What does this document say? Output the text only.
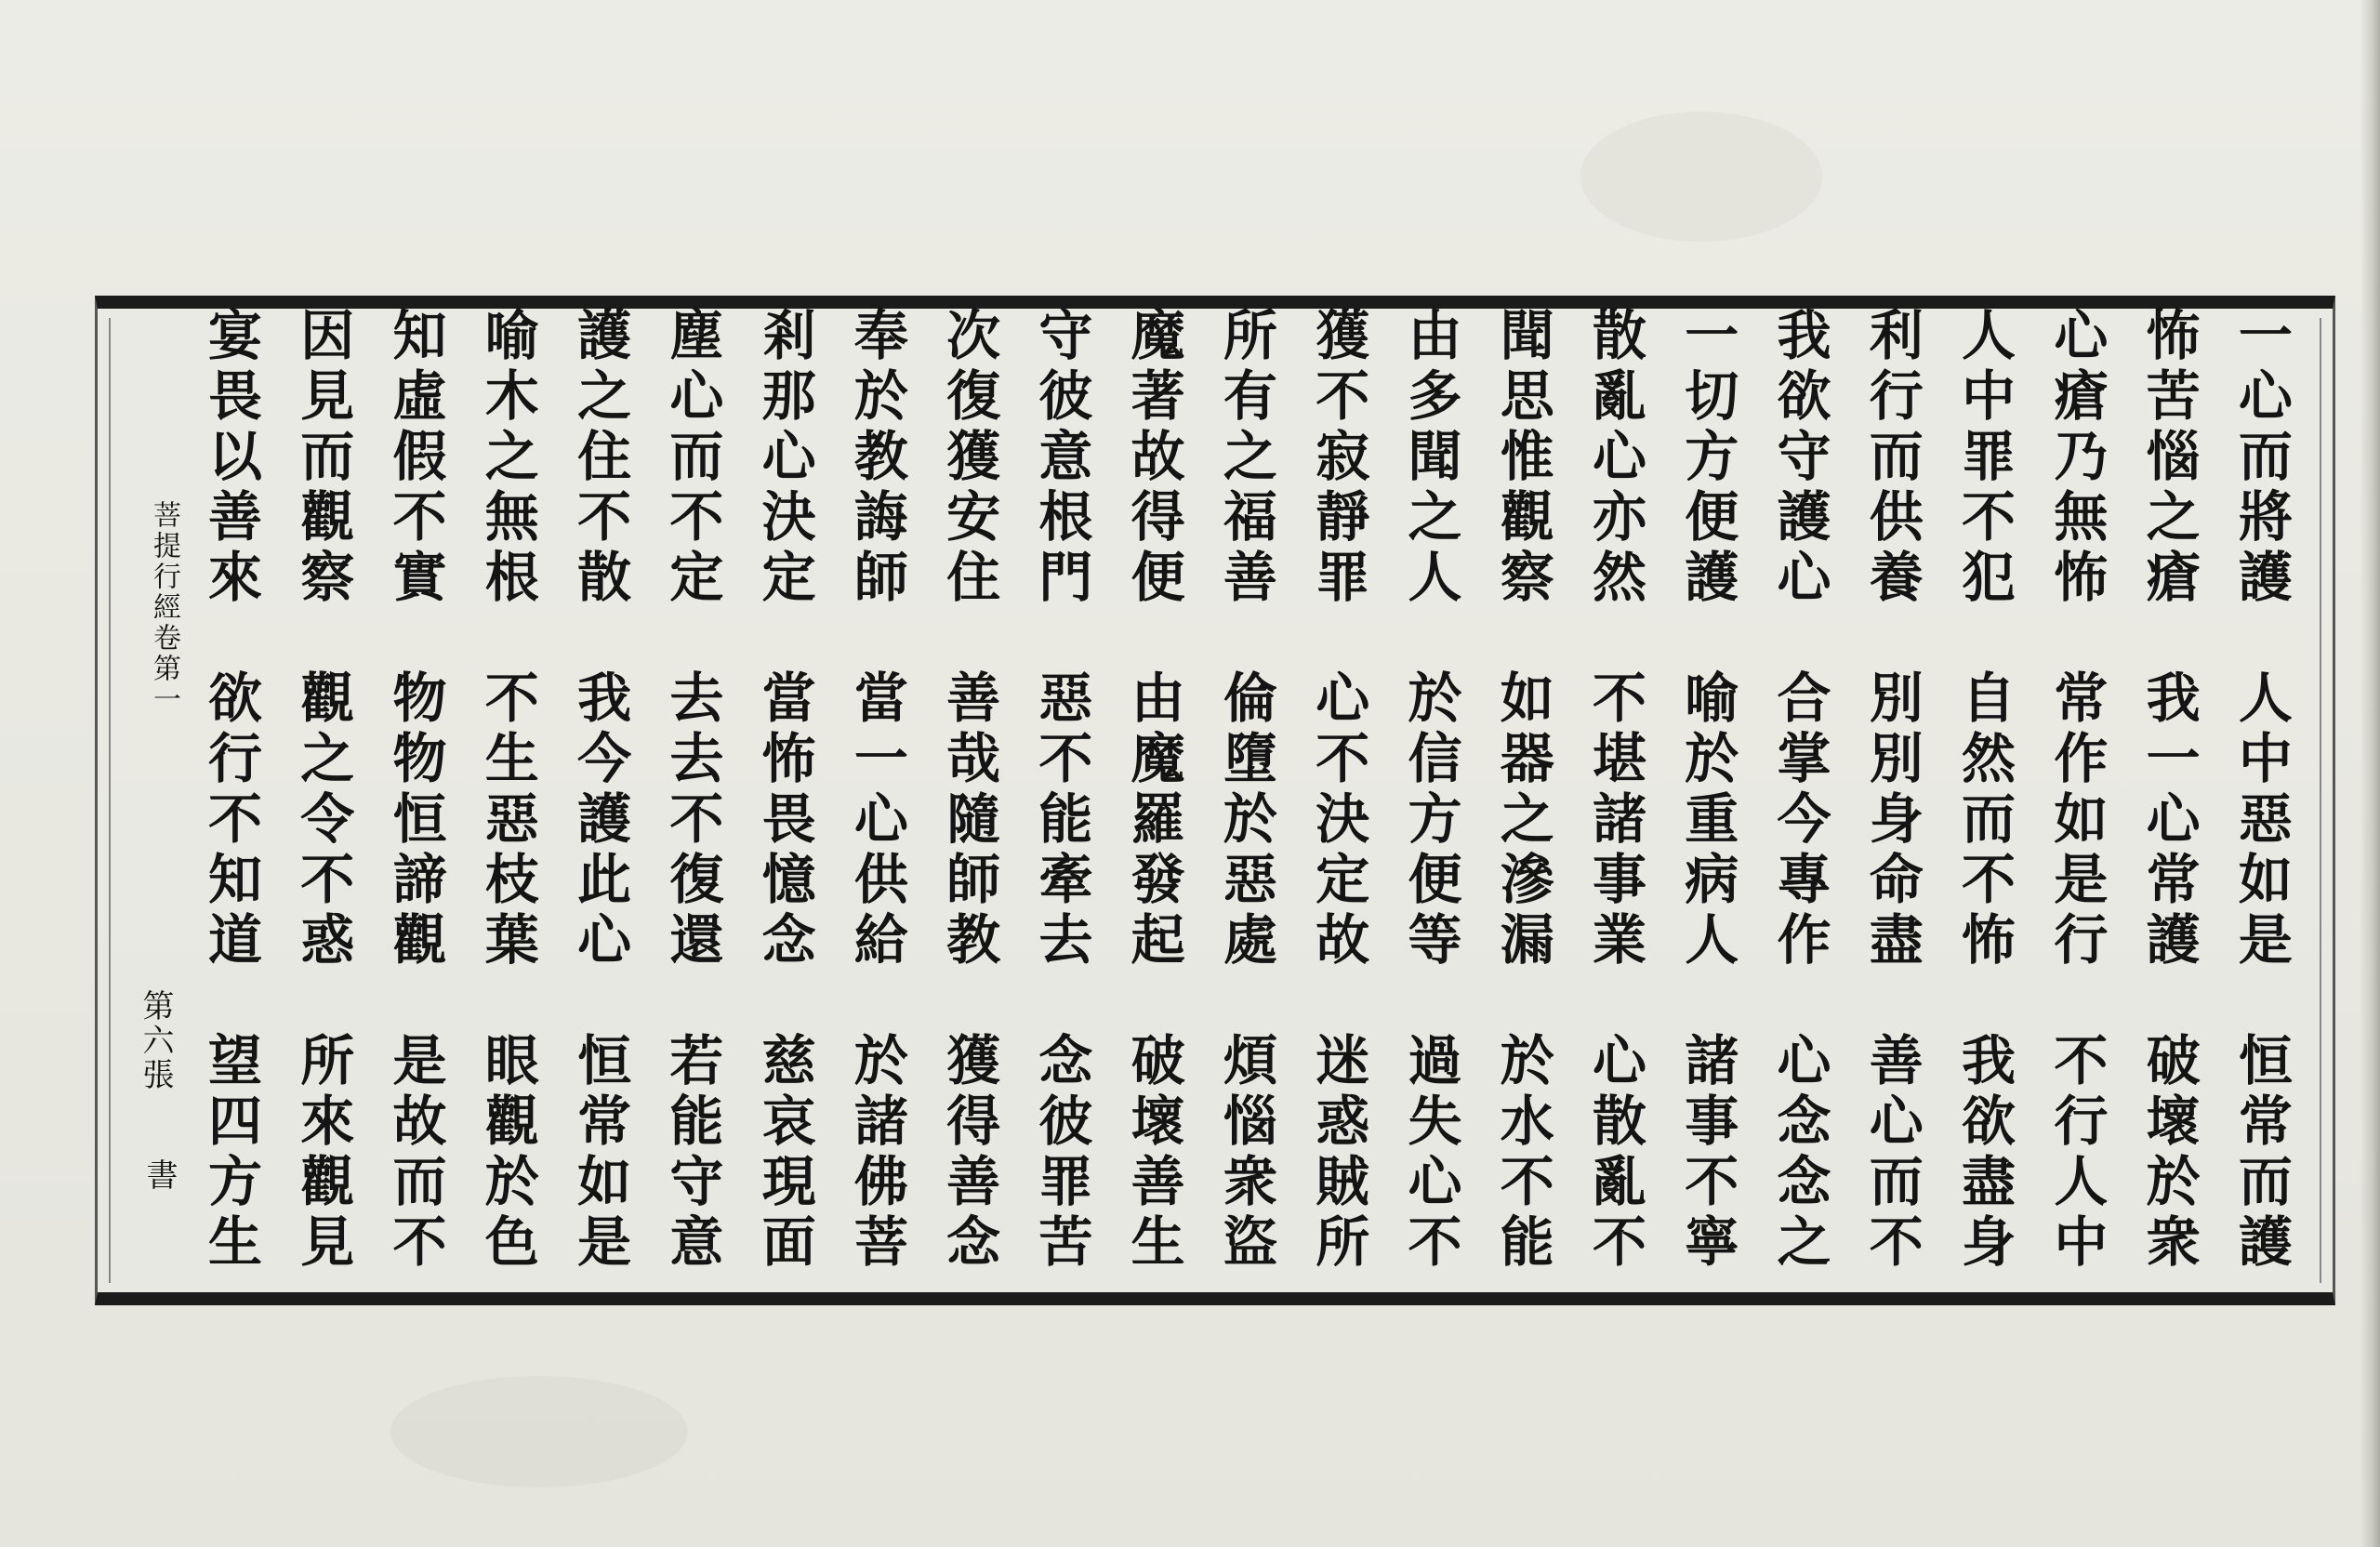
一心而將護　人中惡如是　恒常而護
怖苦惱之瘡　我一心常護　破壞於衆
心瘡乃無怖　常作如是行　不行人中
人中罪不犯　自然而不怖　我欲盡身
利行而供養　別別身命盡　善心而不
我欲守護心　合掌今專作　心念念之
一切方便護　喻於重病人　諸事不寧
散亂心亦然　不堪諸事業　心散亂不
聞思惟觀察　如器之滲漏　於水不能
由多聞之人　於信方便等　過失心不
獲不寂靜罪　心不決定故　迷惑賊所
所有之福善　倫墮於惡處　煩惱衆盜
魔著故得便　由魔羅發起　破壞善生
守彼意根門　惡不能牽去　念彼罪苦
次復獲安住　善哉隨師教　獲得善念
奉於教誨師　當一心供給　於諸佛菩
剎那心決定　當怖畏憶念　慈哀現面
塵心而不定　去去不復還　若能守意
護之住不散　我今護此心　恒常如是
喻木之無根　不生惡枝葉　眼觀於色
知虛假不實　物物恒諦觀　是故而不
因見而觀察　觀之令不惑　所來觀見
宴畏以善來　欲行不知道　望四方生
菩提行經卷第一
第六張
書
